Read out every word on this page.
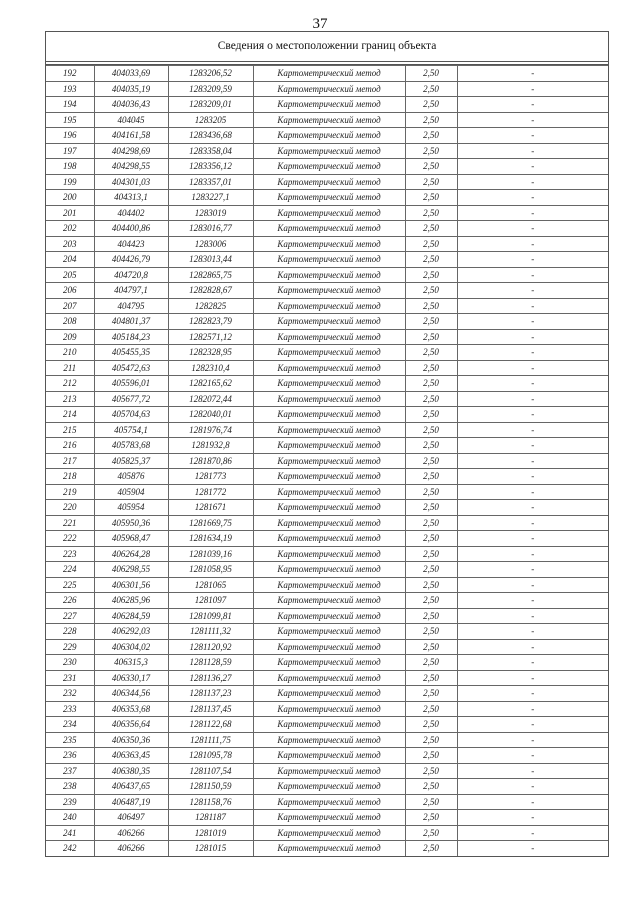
37
Сведения о местоположении границ объекта
192	404033,69	1283206,52	Картометрический метод	2,50	-
193	404035,19	1283209,59	Картометрический метод	2,50	-
194	404036,43	1283209,01	Картометрический метод	2,50	-
195	404045	1283205	Картометрический метод	2,50	-
196	404161,58	1283436,68	Картометрический метод	2,50	-
197	404298,69	1283358,04	Картометрический метод	2,50	-
198	404298,55	1283356,12	Картометрический метод	2,50	-
199	404301,03	1283357,01	Картометрический метод	2,50	-
200	404313,1	1283227,1	Картометрический метод	2,50	-
201	404402	1283019	Картометрический метод	2,50	-
202	404400,86	1283016,77	Картометрический метод	2,50	-
203	404423	1283006	Картометрический метод	2,50	-
204	404426,79	1283013,44	Картометрический метод	2,50	-
205	404720,8	1282865,75	Картометрический метод	2,50	-
206	404797,1	1282828,67	Картометрический метод	2,50	-
207	404795	1282825	Картометрический метод	2,50	-
208	404801,37	1282823,79	Картометрический метод	2,50	-
209	405184,23	1282571,12	Картометрический метод	2,50	-
210	405455,35	1282328,95	Картометрический метод	2,50	-
211	405472,63	1282310,4	Картометрический метод	2,50	-
212	405596,01	1282165,62	Картометрический метод	2,50	-
213	405677,72	1282072,44	Картометрический метод	2,50	-
214	405704,63	1282040,01	Картометрический метод	2,50	-
215	405754,1	1281976,74	Картометрический метод	2,50	-
216	405783,68	1281932,8	Картометрический метод	2,50	-
217	405825,37	1281870,86	Картометрический метод	2,50	-
218	405876	1281773	Картометрический метод	2,50	-
219	405904	1281772	Картометрический метод	2,50	-
220	405954	1281671	Картометрический метод	2,50	-
221	405950,36	1281669,75	Картометрический метод	2,50	-
222	405968,47	1281634,19	Картометрический метод	2,50	-
223	406264,28	1281039,16	Картометрический метод	2,50	-
224	406298,55	1281058,95	Картометрический метод	2,50	-
225	406301,56	1281065	Картометрический метод	2,50	-
226	406285,96	1281097	Картометрический метод	2,50	-
227	406284,59	1281099,81	Картометрический метод	2,50	-
228	406292,03	1281111,32	Картометрический метод	2,50	-
229	406304,02	1281120,92	Картометрический метод	2,50	-
230	406315,3	1281128,59	Картометрический метод	2,50	-
231	406330,17	1281136,27	Картометрический метод	2,50	-
232	406344,56	1281137,23	Картометрический метод	2,50	-
233	406353,68	1281137,45	Картометрический метод	2,50	-
234	406356,64	1281122,68	Картометрический метод	2,50	-
235	406350,36	1281111,75	Картометрический метод	2,50	-
236	406363,45	1281095,78	Картометрический метод	2,50	-
237	406380,35	1281107,54	Картометрический метод	2,50	-
238	406437,65	1281150,59	Картометрический метод	2,50	-
239	406487,19	1281158,76	Картометрический метод	2,50	-
240	406497	1281187	Картометрический метод	2,50	-
241	406266	1281019	Картометрический метод	2,50	-
242	406266	1281015	Картометрический метод	2,50	-
